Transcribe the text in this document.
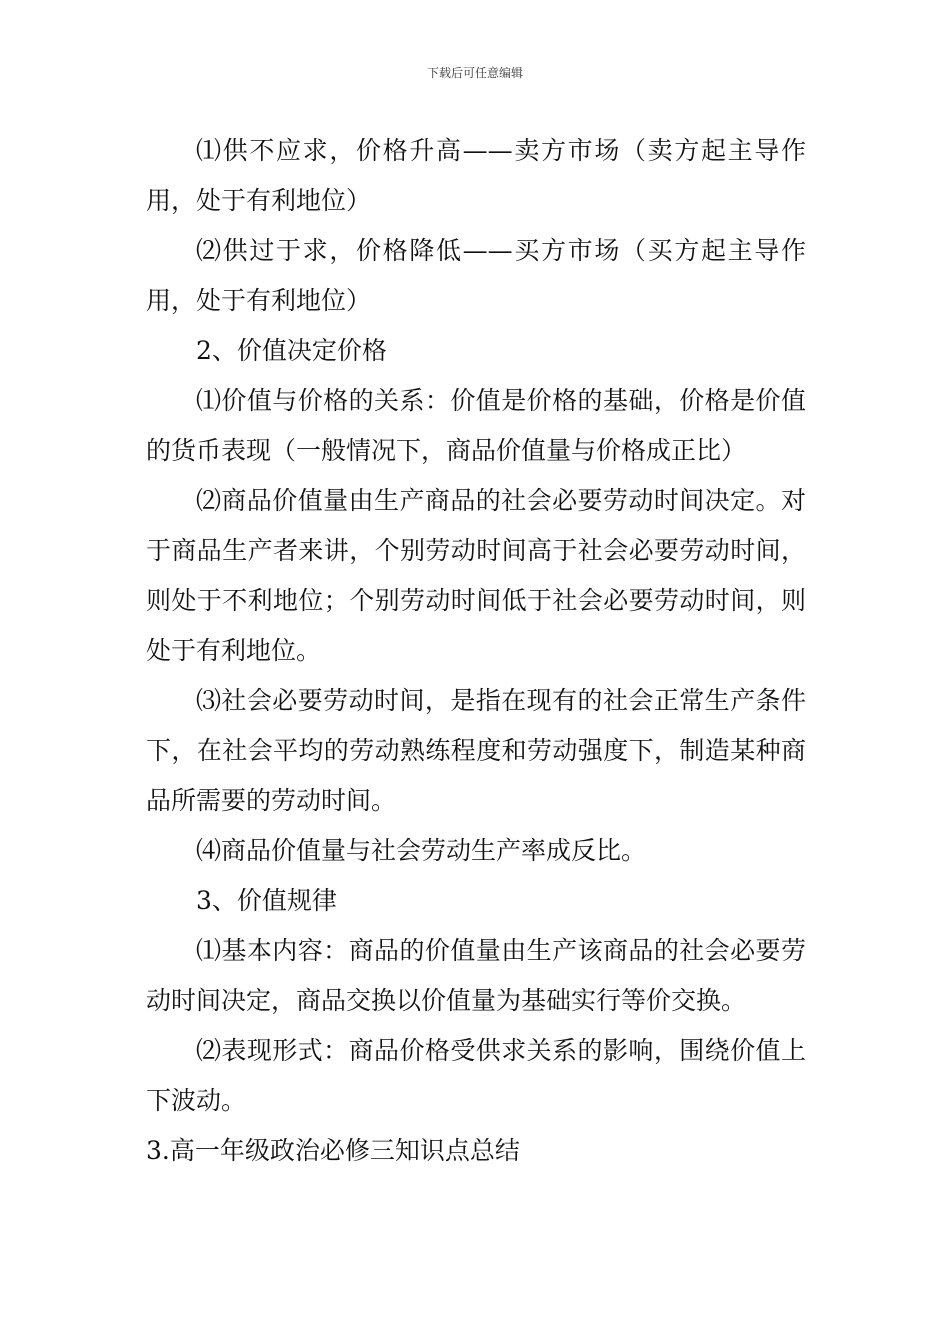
下载后可任意编辑

⑴供不应求，价格升高——卖方市场（卖方起主导作用，处于有利地位）

⑵供过于求，价格降低——买方市场（买方起主导作用，处于有利地位）

2、价值决定价格

⑴价值与价格的关系：价值是价格的基础，价格是价值的货币表现（一般情况下，商品价值量与价格成正比）

⑵商品价值量由生产商品的社会必要劳动时间决定。对于商品生产者来讲，个别劳动时间高于社会必要劳动时间，则处于不利地位；个别劳动时间低于社会必要劳动时间，则处于有利地位。

⑶社会必要劳动时间，是指在现有的社会正常生产条件下，在社会平均的劳动熟练程度和劳动强度下，制造某种商品所需要的劳动时间。

⑷商品价值量与社会劳动生产率成反比。

3、价值规律

⑴基本内容：商品的价值量由生产该商品的社会必要劳动时间决定，商品交换以价值量为基础实行等价交换。

⑵表现形式：商品价格受供求关系的影响，围绕价值上下波动。

3.高一年级政治必修三知识点总结
